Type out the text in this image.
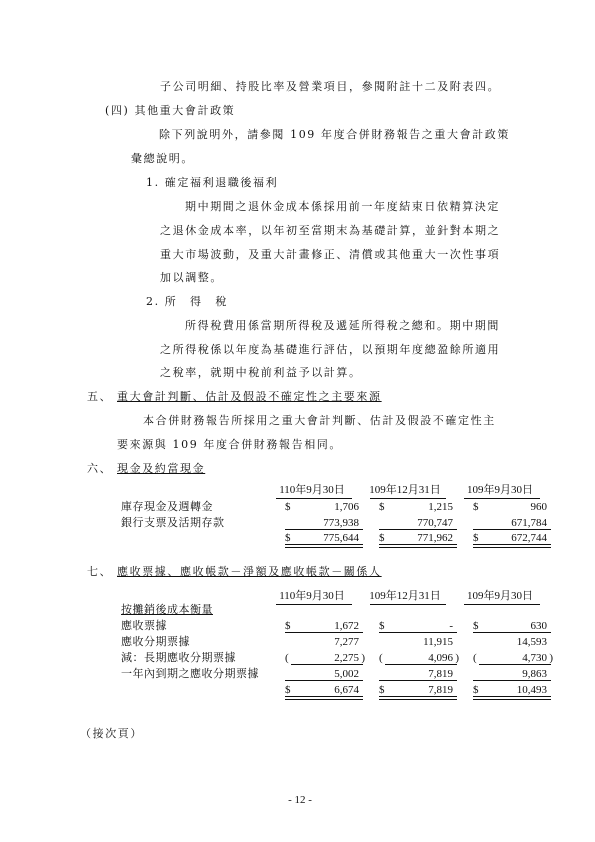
子公司明細、持股比率及營業項目，參閱附註十二及附表四。
(四) 其他重大會計政策
除下列說明外，請參閱 109 年度合併財務報告之重大會計政策
彙總說明。
1. 確定福利退職後福利
期中期間之退休金成本係採用前一年度結束日依精算決定
之退休金成本率，以年初至當期末為基礎計算，並針對本期之
重大市場波動，及重大計畫修正、清償或其他重大一次性事項
加以調整。
2. 所　得　稅
所得稅費用係當期所得稅及遞延所得稅之總和。期中期間
之所得稅係以年度為基礎進行評估，以預期年度總盈餘所適用
之稅率，就期中稅前利益予以計算。
五、 重大會計判斷、估計及假設不確定性之主要來源
本合併財務報告所採用之重大會計判斷、估計及假設不確定性主
要來源與 109 年度合併財務報告相同。
六、 現金及約當現金
110年9月30日	109年12月31日	109年9月30日
庫存現金及週轉金	$	1,706 $	1,215 $	960
銀行支票及活期存款	773,938	770,747	671,784
$	775,644 $	771,962 $	672,744
七、 應收票據、應收帳款－淨額及應收帳款－關係人
110年9月30日	109年12月31日	109年9月30日
按攤銷後成本衡量
應收票據	$	1,672 $	- $	630
應收分期票據	7,277	11,915	14,593
減：長期應收分期票據	(	2,275 ) (	4,096 ) (	4,730 )
一年內到期之應收分期票據	5,002	7,819	9,863
$	6,674 $	7,819 $	10,493
（接次頁）
- 12 -
